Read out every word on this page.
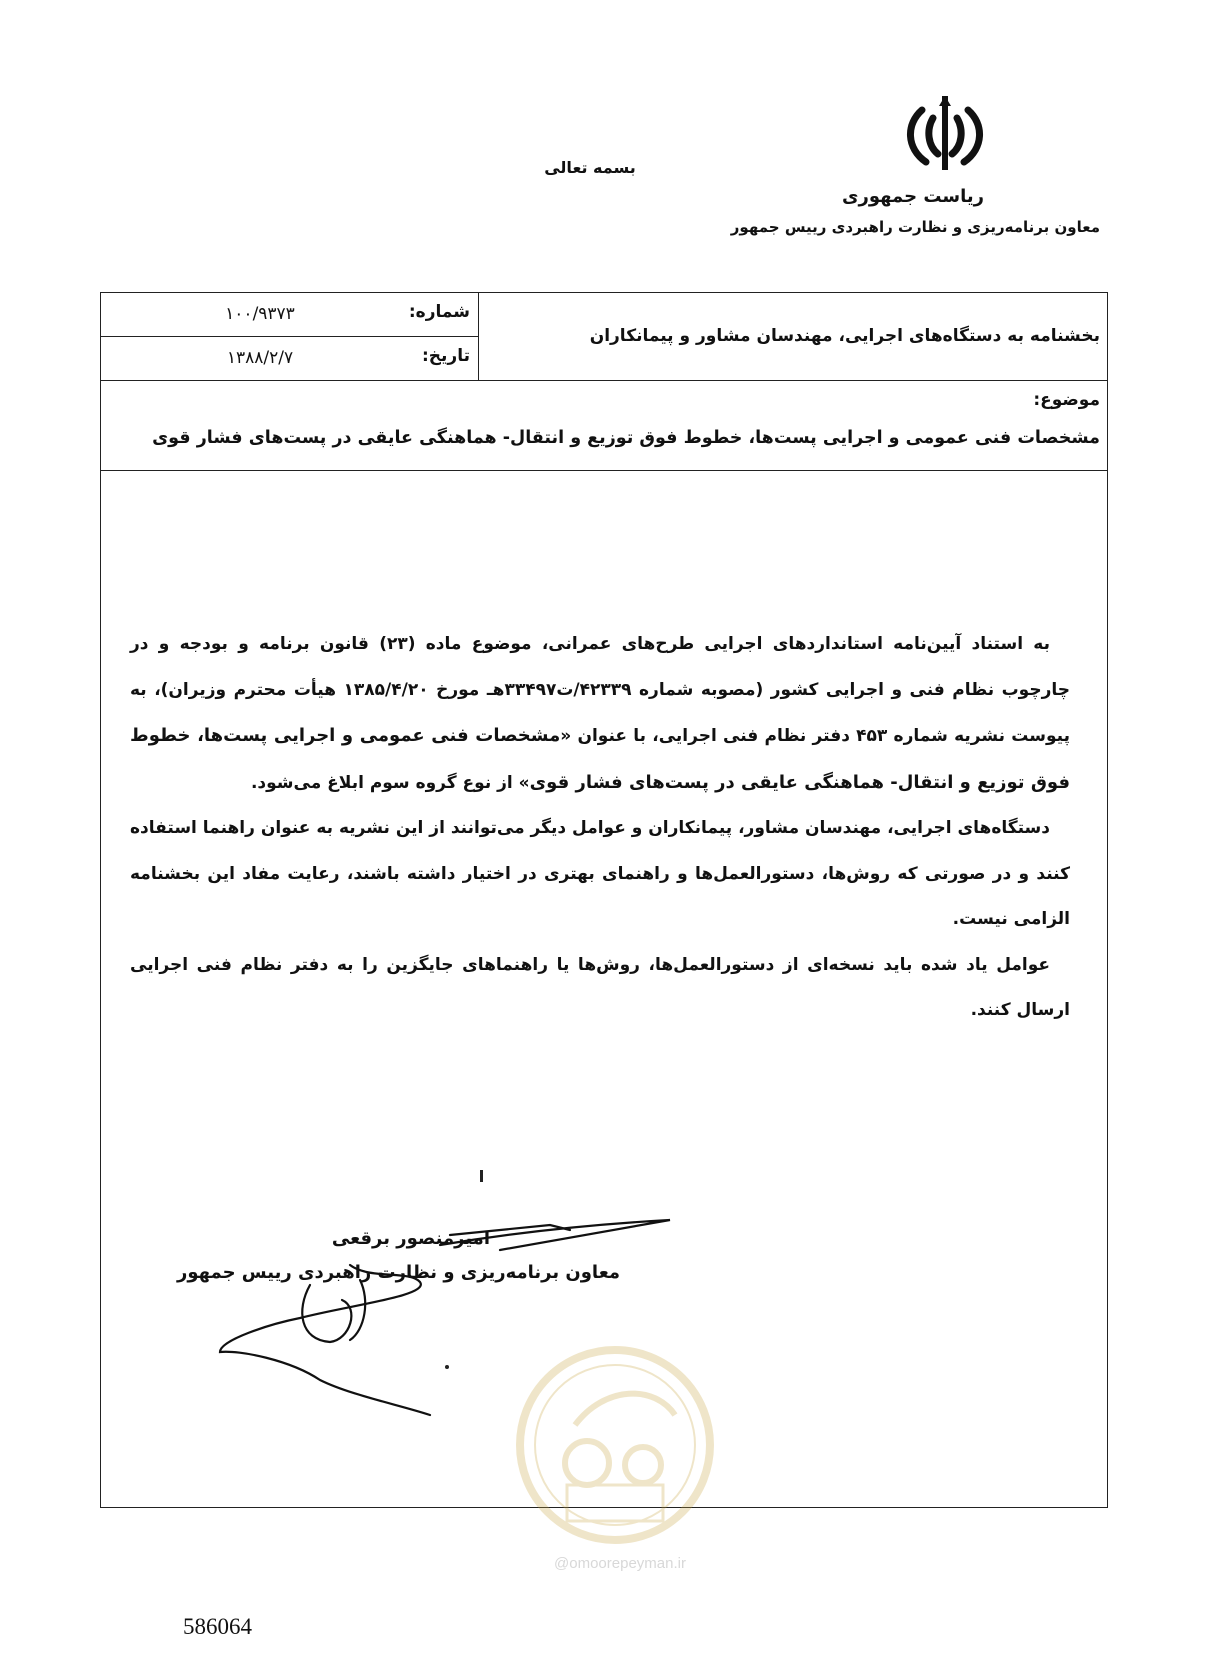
بسمه تعالی
ریاست جمهوری
معاون برنامه‌ریزی و نظارت راهبردی رییس جمهور
بخشنامه به دستگاه‌های اجرایی، مهندسان مشاور و پیمانکاران
شماره:
۱۰۰/۹۳۷۳
تاریخ:
۱۳۸۸/۲/۷
موضوع:
مشخصات فنی عمومی و اجرایی پست‌ها، خطوط فوق توزیع و انتقال- هماهنگی عایقی در پست‌های فشار قوی

به استناد آیین‌نامه استانداردهای اجرایی طرح‌های عمرانی، موضوع ماده (۲۳) قانون برنامه و بودجه و در چارچوب نظام فنی و اجرایی کشور (مصوبه شماره ۴۲۳۳۹/ت۳۳۴۹۷هـ مورخ ۱۳۸۵/۴/۲۰ هیأت محترم وزیران)، به پیوست نشریه شماره ۴۵۳ دفتر نظام فنی اجرایی، با عنوان «مشخصات فنی عمومی و اجرایی پست‌ها، خطوط فوق توزیع و انتقال- هماهنگی عایقی در پست‌های فشار قوی» از نوع گروه سوم ابلاغ می‌شود.

دستگاه‌های اجرایی، مهندسان مشاور، پیمانکاران و عوامل دیگر می‌توانند از این نشریه به عنوان راهنما استفاده کنند و در صورتی که روش‌ها، دستورالعمل‌ها و راهنمای بهتری در اختیار داشته باشند، رعایت مفاد این بخشنامه الزامی نیست.

عوامل یاد شده باید نسخه‌ای از دستورالعمل‌ها، روش‌ها یا راهنماهای جایگزین را به دفتر نظام فنی اجرایی ارسال کنند.

امیرمنصور برقعی
معاون برنامه‌ریزی و نظارت راهبردی رییس جمهور
@omoorepeyman.ir
586064
